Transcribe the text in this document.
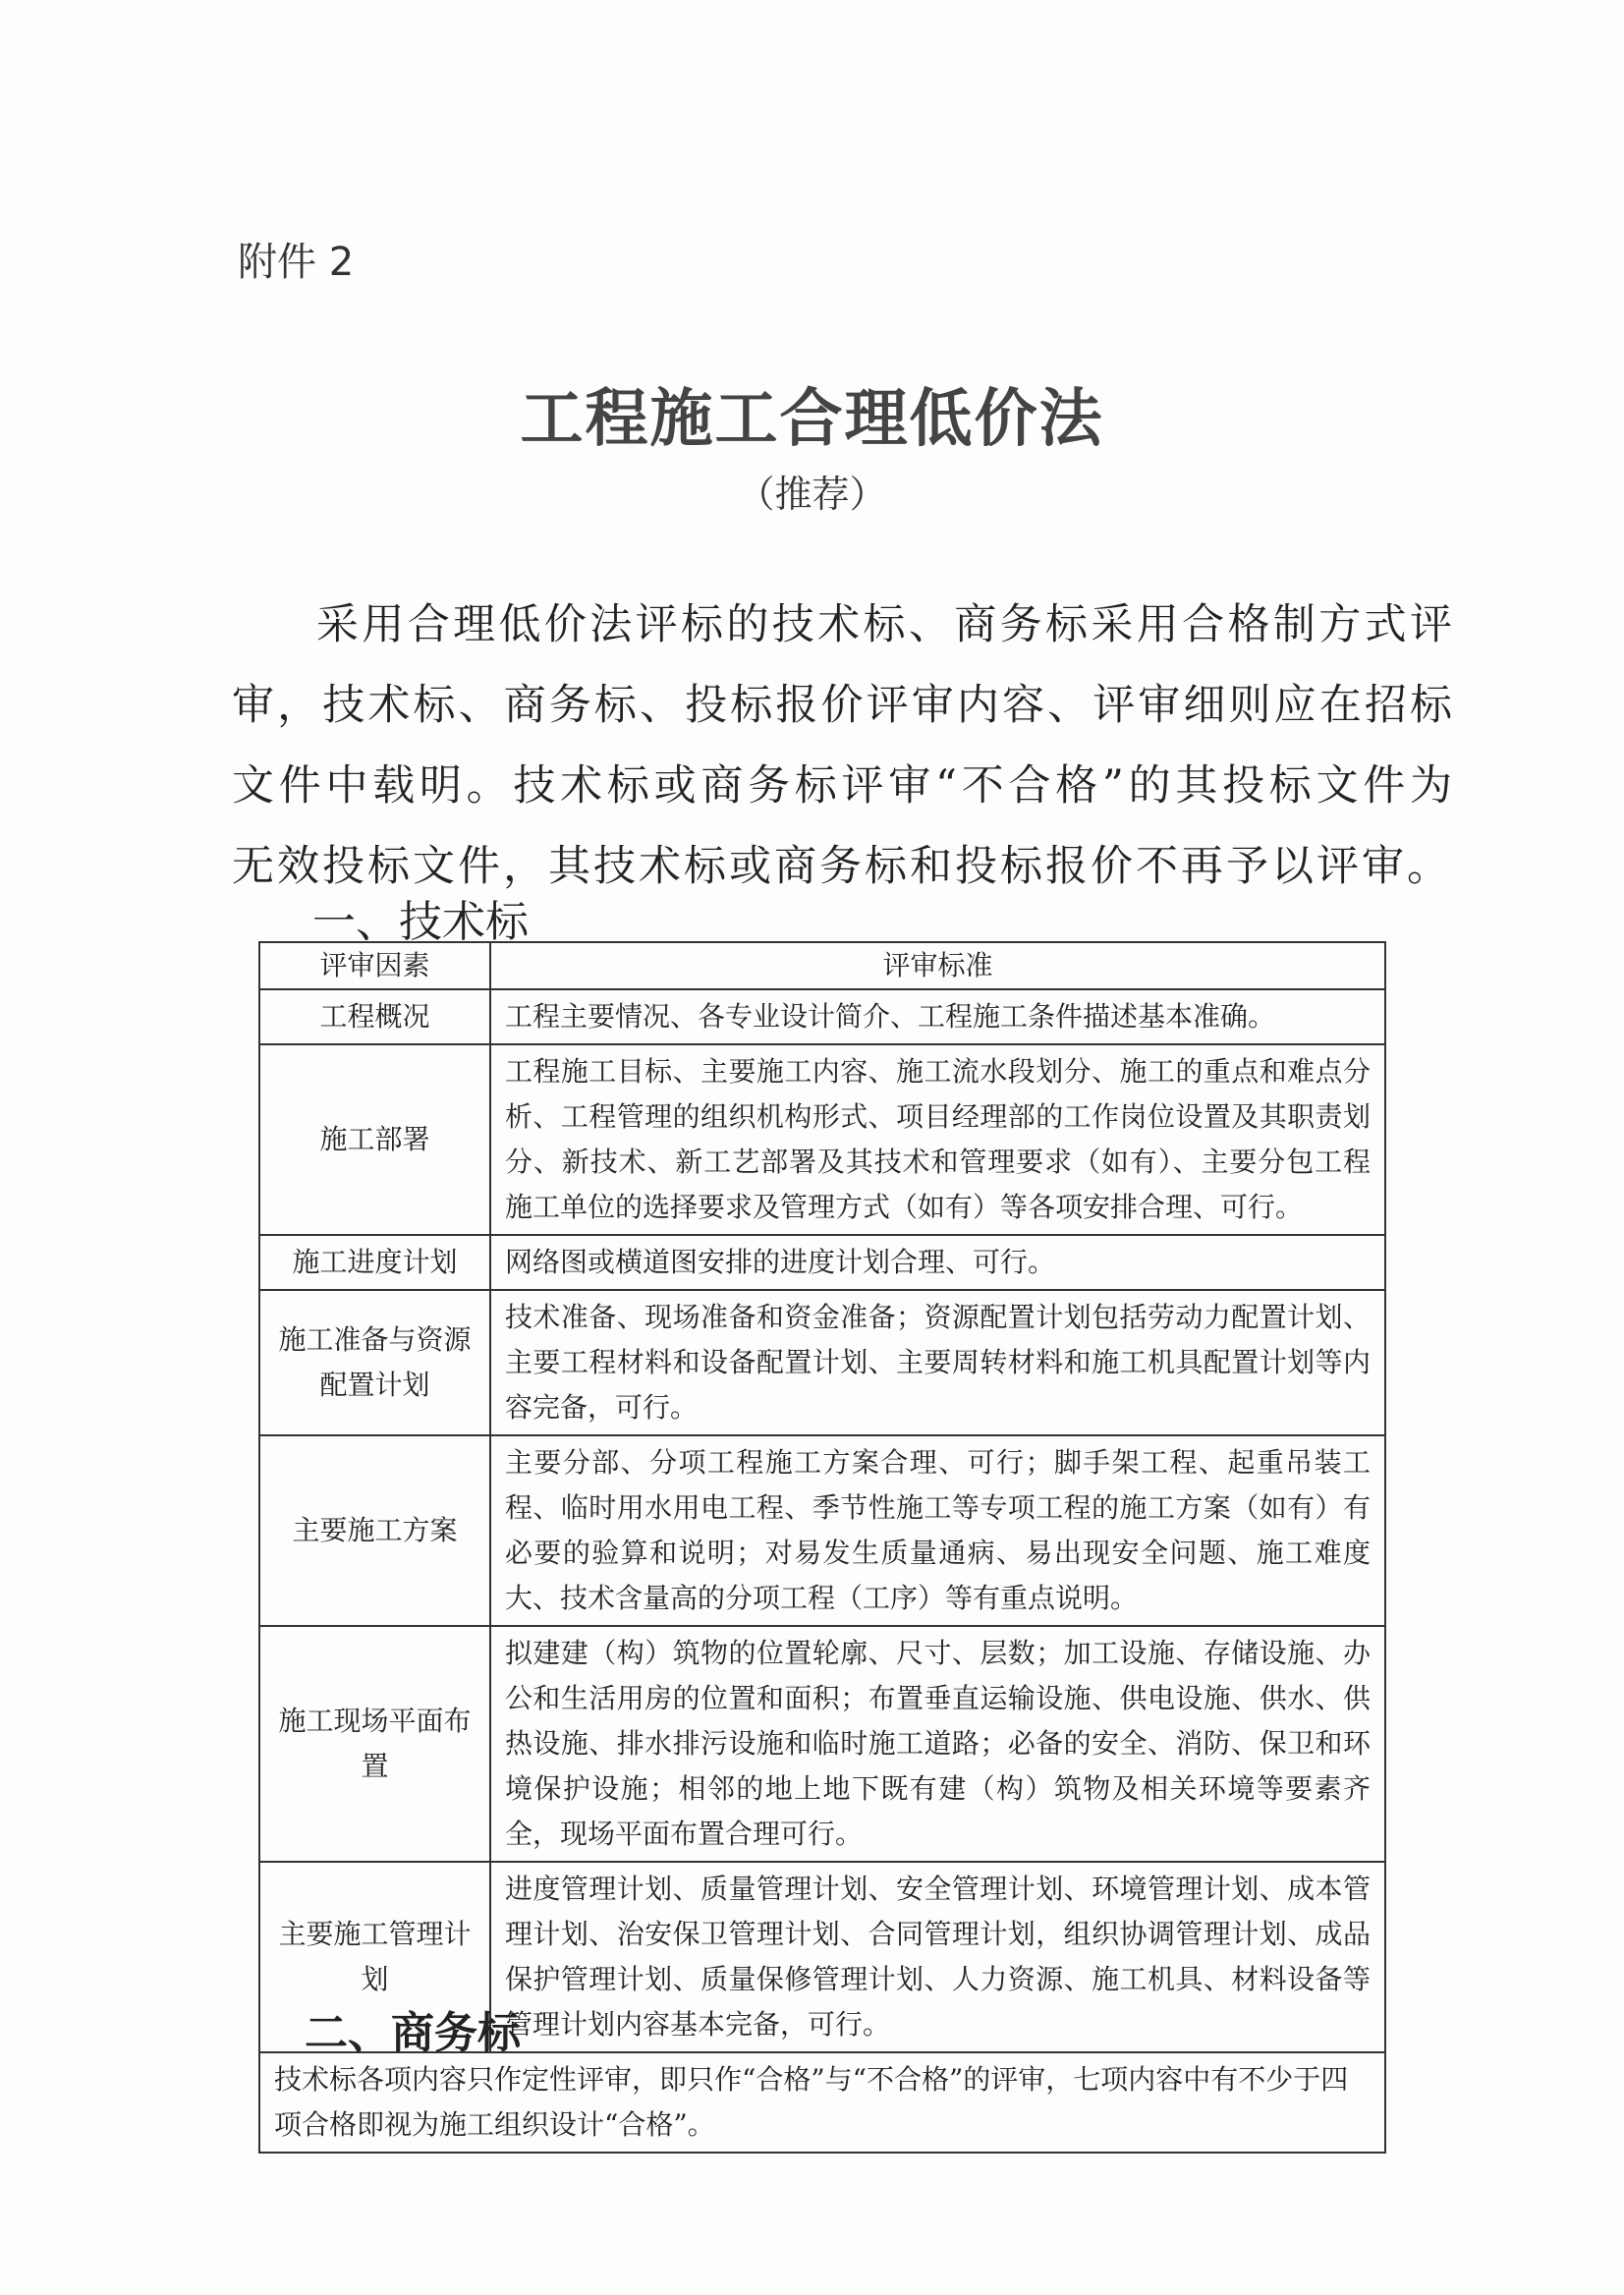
附件 2
工程施工合理低价法
（推荐）
采用合理低价法评标的技术标、商务标采用合格制方式评审，技术标、商务标、投标报价评审内容、评审细则应在招标文件中载明。技术标或商务标评审“不合格”的其投标文件为无效投标文件，其技术标或商务标和投标报价不再予以评审。
一、技术标
评审因素	评审标准
工程概况	工程主要情况、各专业设计简介、工程施工条件描述基本准确。
施工部署	工程施工目标、主要施工内容、施工流水段划分、施工的重点和难点分析、工程管理的组织机构形式、项目经理部的工作岗位设置及其职责划分、新技术、新工艺部署及其技术和管理要求（如有）、主要分包工程施工单位的选择要求及管理方式（如有）等各项安排合理、可行。
施工进度计划	网络图或横道图安排的进度计划合理、可行。
施工准备与资源配置计划	技术准备、现场准备和资金准备；资源配置计划包括劳动力配置计划、主要工程材料和设备配置计划、主要周转材料和施工机具配置计划等内容完备，可行。
主要施工方案	主要分部、分项工程施工方案合理、可行；脚手架工程、起重吊装工程、临时用水用电工程、季节性施工等专项工程的施工方案（如有）有必要的验算和说明；对易发生质量通病、易出现安全问题、施工难度大、技术含量高的分项工程（工序）等有重点说明。
施工现场平面布置	拟建建（构）筑物的位置轮廓、尺寸、层数；加工设施、存储设施、办公和生活用房的位置和面积；布置垂直运输设施、供电设施、供水、供热设施、排水排污设施和临时施工道路；必备的安全、消防、保卫和环境保护设施；相邻的地上地下既有建（构）筑物及相关环境等要素齐全，现场平面布置合理可行。
主要施工管理计划	进度管理计划、质量管理计划、安全管理计划、环境管理计划、成本管理计划、治安保卫管理计划、合同管理计划，组织协调管理计划、成品保护管理计划、质量保修管理计划、人力资源、施工机具、材料设备等管理计划内容基本完备，可行。
技术标各项内容只作定性评审，即只作“合格”与“不合格”的评审，七项内容中有不少于四项合格即视为施工组织设计“合格”。	
二、商务标
